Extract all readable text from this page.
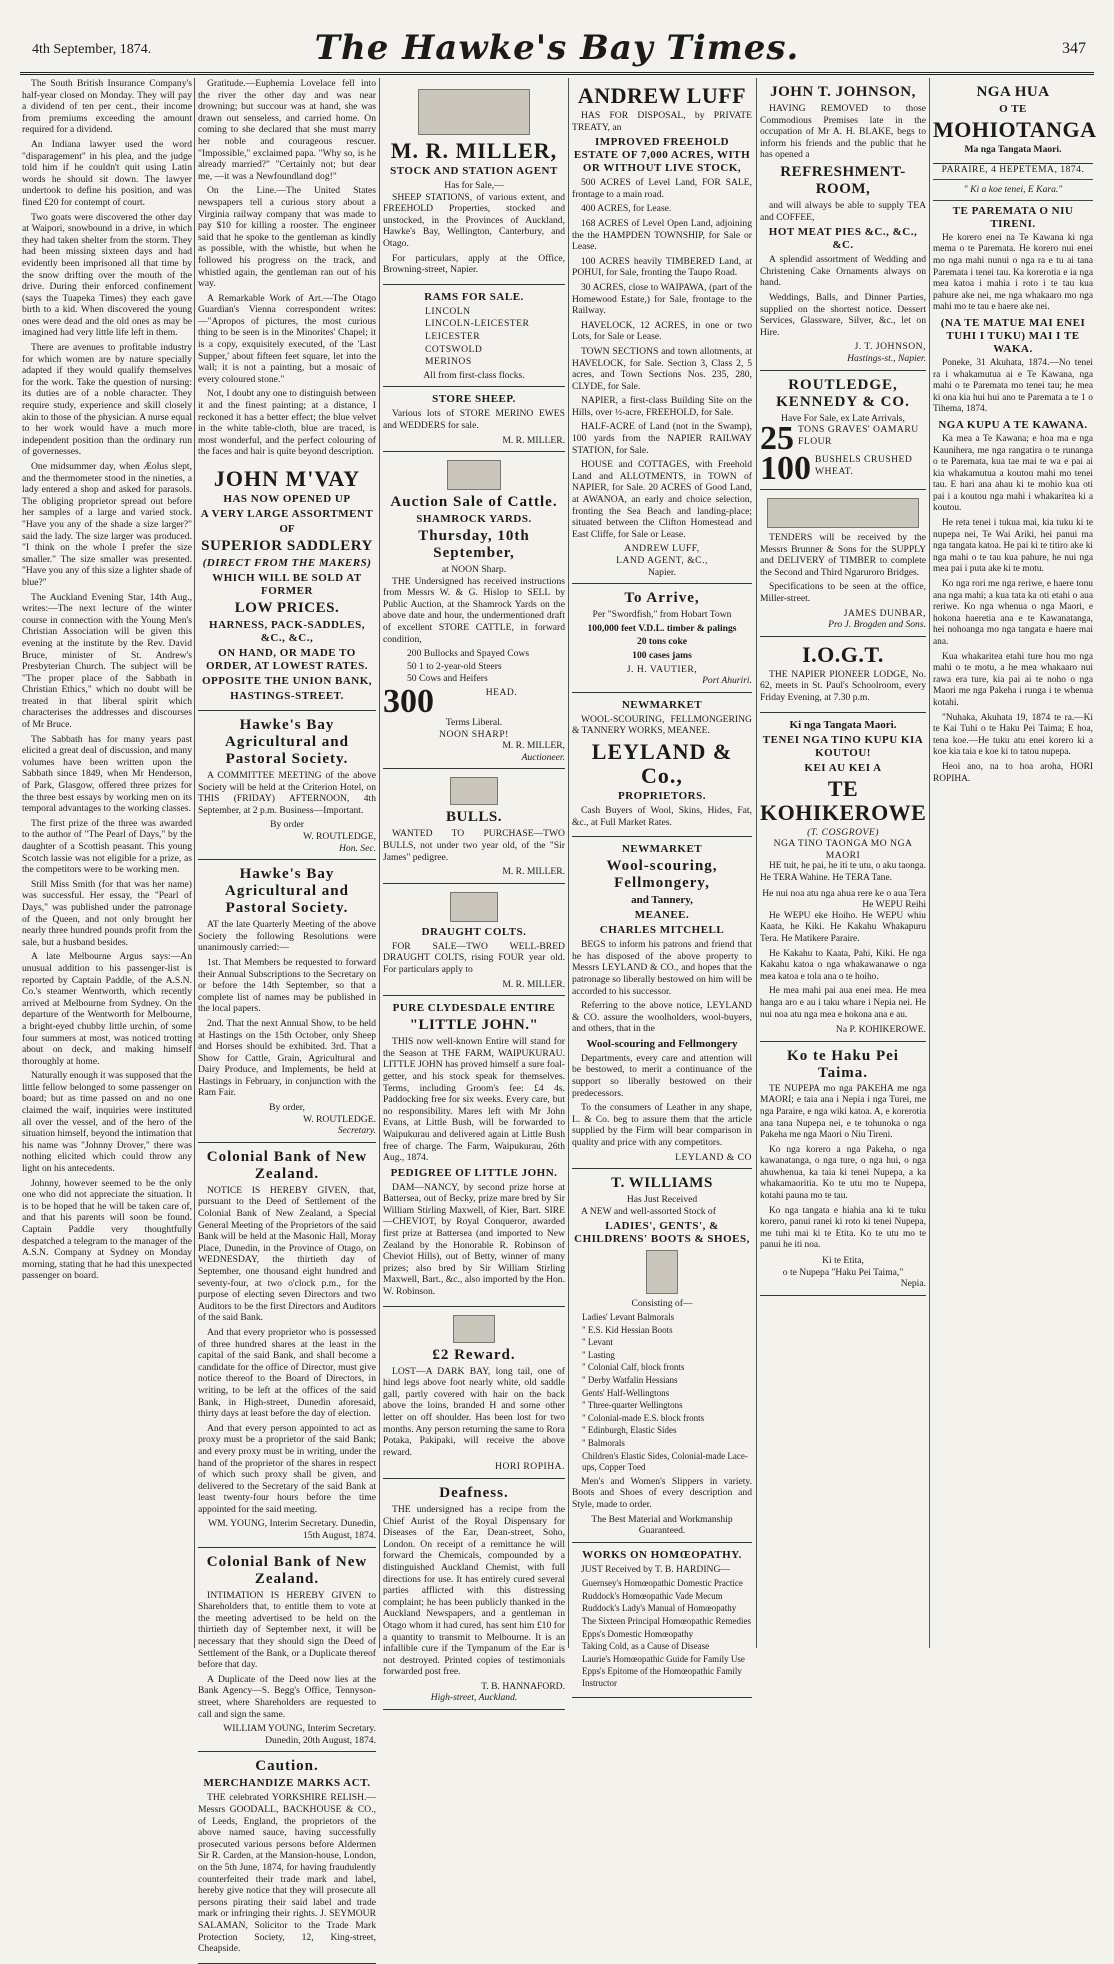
4th September, 1874.	The Hawke's Bay Times.	347

The South British Insurance Company's half-year closed on Monday. They will pay a dividend of ten per cent., their income from premiums exceeding the amount required for a dividend.

An Indiana lawyer used the word "disparagement" in his plea, and the judge told him if he couldn't quit using Latin words he should sit down. The lawyer undertook to define his position, and was fined £20 for contempt of court.

Two goats were discovered the other day at Waipori, snowbound in a drive, in which they had taken shelter from the storm. They had been missing sixteen days and had evidently been imprisoned all that time by the snow drifting over the mouth of the drive. During their enforced confinement (says the Tuapeka Times) they each gave birth to a kid. When discovered the young ones were dead and the old ones as may be imagined had very little life left in them.

There are avenues to profitable industry for which women are by nature specially adapted if they would qualify themselves for the work. Take the question of nursing: its duties are of a noble character. They require study, experience and skill closely akin to those of the physician. A nurse equal to her work would have a much more independent position than the ordinary run of governesses.

One midsummer day, when Æolus slept, and the thermometer stood in the nineties, a lady entered a shop and asked for parasols. The obliging proprietor spread out before her samples of a large and varied stock. "Have you any of the shade a size larger?" said the lady. The size larger was produced. "I think on the whole I prefer the size smaller." The size smaller was presented. "Have you any of this size a lighter shade of blue?"

The Auckland Evening Star, 14th Aug., writes:—The next lecture of the winter course in connection with the Young Men's Christian Association will be given this evening at the institute by the Rev. David Bruce, minister of St. Andrew's Presbyterian Church. The subject will be "The proper place of the Sabbath in Christian Ethics," which no doubt will be treated in that liberal spirit which characterises the addresses and discourses of Mr Bruce.

The Sabbath has for many years past elicited a great deal of discussion, and many volumes have been written upon the Sabbath since 1849, when Mr Henderson, of Park, Glasgow, offered three prizes for the three best essays by working men on its temporal advantages to the working classes.

The first prize of the three was awarded to the author of "The Pearl of Days," by the daughter of a Scottish peasant. This young Scotch lassie was not eligible for a prize, as the competitors were to be working men.

Still Miss Smith (for that was her name) was successful. Her essay, the "Pearl of Days," was published under the patronage of the Queen, and not only brought her nearly three hundred pounds profit from the sale, but a husband besides.

A late Melbourne Argus says:—An unusual addition to his passenger-list is reported by Captain Paddle, of the A.S.N. Co.'s steamer Wentworth, which recently arrived at Melbourne from Sydney. On the departure of the Wentworth for Melbourne, a bright-eyed chubby little urchin, of some four summers at most, was noticed trotting about on deck, and making himself thoroughly at home.

Naturally enough it was supposed that the little fellow belonged to some passenger on board; but as time passed on and no one claimed the waif, inquiries were instituted all over the vessel, and of the hero of the situation himself, beyond the intimation that his name was "Johnny Drover," there was nothing elicited which could throw any light on his antecedents.

Johnny, however seemed to be the only one who did not appreciate the situation. It is to be hoped that he will be taken care of, and that his parents will soon be found. Captain Paddle very thoughtfully despatched a telegram to the manager of the A.S.N. Company at Sydney on Monday morning, stating that he had this unexpected passenger on board.

Gratitude.—Euphemia Lovelace fell into the river the other day and was near drowning; but succour was at hand, she was drawn out senseless, and carried home. On coming to she declared that she must marry her noble and courageous rescuer. "Impossible," exclaimed papa. "Why so, is he already married?" "Certainly not; but dear me, —it was a Newfoundland dog!"

On the Line.—The United States newspapers tell a curious story about a Virginia railway company that was made to pay $10 for killing a rooster. The engineer said that he spoke to the gentleman as kindly as possible, with the whistle, but when he followed his progress on the track, and whistled again, the gentleman ran out of his way.

A Remarkable Work of Art.—The Otago Guardian's Vienna correspondent writes:—"Apropos of pictures, the most curious thing to be seen is in the Minorites' Chapel; it is a copy, exquisitely executed, of the 'Last Supper,' about fifteen feet square, let into the wall; it is not a painting, but a mosaic of every coloured stone."

Not, I doubt any one to distinguish between it and the finest painting; at a distance, I reckoned it has a better effect; the blue velvet in the white table-cloth, blue are traced, is most wonderful, and the perfect colouring of the faces and hair is quite beyond description.

JOHN M'VAY
HAS NOW OPENED UP
A VERY LARGE ASSORTMENT
OF
SUPERIOR SADDLERY
(DIRECT FROM THE MAKERS)
WHICH WILL BE SOLD AT FORMER
LOW PRICES.
HARNESS, PACK-SADDLES, &C., &C.,
ON HAND, OR MADE TO ORDER, AT LOWEST RATES.
OPPOSITE THE UNION BANK,
HASTINGS-STREET.
Hawke's Bay Agricultural and Pastoral Society.

A COMMITTEE MEETING of the above Society will be held at the Criterion Hotel, on THIS (FRIDAY) AFTERNOON, 4th September, at 2 p.m. Business—Important.

By order
W. ROUTLEDGE,
Hon. Sec.
Hawke's Bay Agricultural and Pastoral Society.

AT the late Quarterly Meeting of the above Society the following Resolutions were unanimously carried:—

1st. That Members be requested to forward their Annual Subscriptions to the Secretary on or before the 14th September, so that a complete list of names may be published in the local papers.

2nd. That the next Annual Show, to be held at Hastings on the 15th October, only Sheep and Horses should be exhibited. 3rd. That a Show for Cattle, Grain, Agricultural and Dairy Produce, and Implements, be held at Hastings in February, in conjunction with the Ram Fair.

By order,
W. ROUTLEDGE.
Secretary.
Colonial Bank of New Zealand.

NOTICE IS HEREBY GIVEN, that, pursuant to the Deed of Settlement of the Colonial Bank of New Zealand, a Special General Meeting of the Proprietors of the said Bank will be held at the Masonic Hall, Moray Place, Dunedin, in the Province of Otago, on WEDNESDAY, the thirtieth day of September, one thousand eight hundred and seventy-four, at two o'clock p.m., for the purpose of electing seven Directors and two Auditors to be the first Directors and Auditors of the said Bank.

And that every proprietor who is possessed of three hundred shares at the least in the capital of the said Bank, and shall become a candidate for the office of Director, must give notice thereof to the Board of Directors, in writing, to be left at the offices of the said Bank, in High-street, Dunedin aforesaid, thirty days at least before the day of election.

And that every person appointed to act as proxy must be a proprietor of the said Bank; and every proxy must be in writing, under the hand of the proprietor of the shares in respect of which such proxy shall be given, and delivered to the Secretary of the said Bank at least twenty-four hours before the time appointed for the said meeting.

WM. YOUNG, Interim Secretary. Dunedin, 15th August, 1874.
Colonial Bank of New Zealand.

INTIMATION IS HEREBY GIVEN to Shareholders that, to entitle them to vote at the meeting advertised to be held on the thirtieth day of September next, it will be necessary that they should sign the Deed of Settlement of the Bank, or a Duplicate thereof before that day.

A Duplicate of the Deed now lies at the Bank Agency—S. Begg's Office, Tennyson-street, where Shareholders are requested to call and sign the same.

WILLIAM YOUNG, Interim Secretary. Dunedin, 20th August, 1874.
Caution.
MERCHANDIZE MARKS ACT.

THE celebrated YORKSHIRE RELISH.—Messrs GOODALL, BACKHOUSE & CO., of Leeds, England, the proprietors of the above named sauce, having successfully prosecuted various persons before Aldermen Sir R. Carden, at the Mansion-house, London, on the 5th June, 1874, for having fraudulently counterfeited their trade mark and label, hereby give notice that they will prosecute all persons pirating their said label and trade mark or infringing their rights. J. SEYMOUR SALAMAN, Solicitor to the Trade Mark Protection Society, 12, King-street, Cheapside.

M. R. MILLER,
STOCK AND STATION AGENT
Has for Sale,—

SHEEP STATIONS, of various extent, and FREEHOLD Properties, stocked and unstocked, in the Provinces of Auckland, Hawke's Bay, Wellington, Canterbury, and Otago.

For particulars, apply at the Office, Browning-street, Napier.

RAMS FOR SALE.
LINCOLN
LINCOLN-LEICESTER
LEICESTER
COTSWOLD
MERINOS
All from first-class flocks.
STORE SHEEP.

Various lots of STORE MERINO EWES and WEDDERS for sale.

M. R. MILLER.
Auction Sale of Cattle.
SHAMROCK YARDS.
Thursday, 10th September,
at NOON Sharp.

THE Undersigned has received instructions from Messrs W. & G. Hislop to SELL by Public Auction, at the Shamrock Yards on the above date and hour, the undermentioned draft of excellent STORE CATTLE, in forward condition,

200 Bullocks and Spayed Cows
50 1 to 2-year-old Steers
50 Cows and Heifers
300	HEAD.
Terms Liberal.
NOON SHARP!
M. R. MILLER,
Auctioneer.
BULLS.

WANTED TO PURCHASE—TWO BULLS, not under two year old, of the "Sir James" pedigree.

M. R. MILLER.
DRAUGHT COLTS.

FOR SALE—TWO WELL-BRED DRAUGHT COLTS, rising FOUR year old. For particulars apply to

M. R. MILLER.
PURE CLYDESDALE ENTIRE
"LITTLE JOHN."

THIS now well-known Entire will stand for the Season at THE FARM, WAIPUKURAU. LITTLE JOHN has proved himself a sure foal-getter, and his stock speak for themselves. Terms, including Groom's fee: £4 4s. Paddocking free for six weeks. Every care, but no responsibility. Mares left with Mr John Evans, at Little Bush, will be forwarded to Waipukurau and delivered again at Little Bush free of charge. The Farm, Waipukurau, 26th Aug., 1874.

PEDIGREE OF LITTLE JOHN.

DAM—NANCY, by second prize horse at Battersea, out of Becky, prize mare bred by Sir William Stirling Maxwell, of Kier, Bart. SIRE—CHEVIOT, by Royal Conqueror, awarded first prize at Battersea (and imported to New Zealand by the Honorable R. Robinson of Cheviot Hills), out of Betty, winner of many prizes; also bred by Sir William Stirling Maxwell, Bart., &c., also imported by the Hon. W. Robinson.

£2 Reward.

LOST—A DARK BAY, long tail, one of hind legs above foot nearly white, old saddle gall, partly covered with hair on the back above the loins, branded H and some other letter on off shoulder. Has been lost for two months. Any person returning the same to Rora Potaka, Pakipaki, will receive the above reward.

HORI ROPIHA.
Deafness.

THE undersigned has a recipe from the Chief Aurist of the Royal Dispensary for Diseases of the Ear, Dean-street, Soho, London. On receipt of a remittance he will forward the Chemicals, compounded by a distinguished Auckland Chemist, with full directions for use. It has entirely cured several parties afflicted with this distressing complaint; he has been publicly thanked in the Auckland Newspapers, and a gentleman in Otago whom it had cured, has sent him £10 for a quantity to transmit to Melbourne. It is an infallible cure if the Tympanum of the Ear is not destroyed. Printed copies of testimonials forwarded post free.

T. B. HANNAFORD.
High-street, Auckland.
ANDREW LUFF

HAS FOR DISPOSAL, by PRIVATE TREATY, an

IMPROVED FREEHOLD ESTATE OF 7,000 ACRES, WITH OR WITHOUT LIVE STOCK,

500 ACRES of Level Land, FOR SALE, frontage to a main road.

400 ACRES, for Lease.

168 ACRES of Level Open Land, adjoining the the HAMPDEN TOWNSHIP, for Sale or Lease.

100 ACRES heavily TIMBERED Land, at POHUI, for Sale, fronting the Taupo Road.

30 ACRES, close to WAIPAWA, (part of the Homewood Estate,) for Sale, frontage to the Railway.

HAVELOCK, 12 ACRES, in one or two Lots, for Sale or Lease.

TOWN SECTIONS and town allotments, at HAVELOCK, for Sale. Section 3, Class 2, 5 acres, and Town Sections Nos. 235, 280, CLYDE, for Sale.

NAPIER, a first-class Building Site on the Hills, over ½-acre, FREEHOLD, for Sale.

HALF-ACRE of Land (not in the Swamp), 100 yards from the NAPIER RAILWAY STATION, for Sale.

HOUSE and COTTAGES, with Freehold Land and ALLOTMENTS, in TOWN of NAPIER, for Sale. 20 ACRES of Good Land, at AWANOA, an early and choice selection, fronting the Sea Beach and landing-place; situated between the Clifton Homestead and East Cliffe, for Sale or Lease.

ANDREW LUFF,
LAND AGENT, &C.,
Napier.
To Arrive,
Per "Swordfish," from Hobart Town
100,000 feet V.D.L. timber & palings
20 tons coke
100 cases jams
J. H. VAUTIER,
Port Ahuriri.
NEWMARKET

WOOL-SCOURING, FELLMONGERING & TANNERY WORKS, MEANEE.

LEYLAND & Co.,
PROPRIETORS.

Cash Buyers of Wool, Skins, Hides, Fat, &c., at Full Market Rates.

NEWMARKET
Wool-scouring, Fellmongery,
and Tannery,
MEANEE.
CHARLES MITCHELL

BEGS to inform his patrons and friend that he has disposed of the above property to Messrs LEYLAND & CO., and hopes that the patronage so liberally bestowed on him will be accorded to his successor.

Referring to the above notice, LEYLAND & CO. assure the woolholders, wool-buyers, and others, that in the

Wool-scouring and Fellmongery

Departments, every care and attention will be bestowed, to merit a continuance of the support so liberally bestowed on their predecessors.

To the consumers of Leather in any shape, L. & Co. beg to assure them that the article supplied by the Firm will bear comparison in quality and price with any competitors.

LEYLAND & CO
T. WILLIAMS
Has Just Received

A NEW and well-assorted Stock of

LADIES', GENTS', & CHILDRENS' BOOTS & SHOES,
Consisting of—
Ladies' Levant Balmorals
" E.S. Kid Hessian Boots
" Levant
" Lasting
" Colonial Calf, block fronts
" Derby Watfalin Hessians
Gents' Half-Wellingtons
" Three-quarter Wellingtons
" Colonial-made E.S. block fronts
" Edinburgh, Elastic Sides
" Balmorals
Children's Elastic Sides, Colonial-made Lace-ups, Copper Toed

Men's and Women's Slippers in variety. Boots and Shoes of every description and Style, made to order.

The Best Material and Workmanship Guaranteed.
WORKS ON HOMŒOPATHY.

JUST Received by T. B. HARDING—

Guernsey's Homœopathic Domestic Practice
Ruddock's Homœopathic Vade Mecum
Ruddock's Lady's Manual of Homœopathy
The Sixteen Principal Homœopathic Remedies
Epps's Domestic Homœopathy
Taking Cold, as a Cause of Disease
Laurie's Homœopathic Guide for Family Use
Epps's Epitome of the Homœopathic Family Instructor
JOHN T. JOHNSON,

HAVING REMOVED to those Commodious Premises late in the occupation of Mr A. H. BLAKE, begs to inform his friends and the public that he has opened a

REFRESHMENT-ROOM,

and will always be able to supply TEA and COFFEE,

HOT MEAT PIES &C., &C., &C.

A splendid assortment of Wedding and Christening Cake Ornaments always on hand.

Weddings, Balls, and Dinner Parties, supplied on the shortest notice. Dessert Services, Glassware, Silver, &c., let on Hire.

J. T. JOHNSON,
Hastings-st., Napier.
ROUTLEDGE, KENNEDY & CO.
Have For Sale, ex Late Arrivals,
25 TONS GRAVES' OAMARU FLOUR
100 BUSHELS CRUSHED WHEAT.

TENDERS will be received by the Messrs Brunner & Sons for the SUPPLY and DELIVERY of TIMBER to complete the Second and Third Ngaruroro Bridges.

Specifications to be seen at the office, Miller-street.

JAMES DUNBAR,
Pro J. Brogden and Sons.
I.O.G.T.

THE NAPIER PIONEER LODGE, No. 62, meets in St. Paul's Schoolroom, every Friday Evening, at 7.30 p.m.

Ki nga Tangata Maori.
TENEI NGA TINO KUPU KIA KOUTOU!
KEI AU KEI A
TE KOHIKEROWE
(T. COSGROVE)
NGA TINO TAONGA MO NGA MAORI

HE tuit, he pai, he iti te utu, o aku taonga. He TERA Wahine. He TERA Tane.

He nui noa atu nga ahua rere ke o aua Tera
He WEPU Reihi

He WEPU eke Hoiho. He WEPU whiu Kaata, he Kiki. He Kakahu Whakapuru Tera. He Matikere Paraire.

He Kakahu to Kaata, Pahi, Kiki. He nga Kakahu katoa o nga whakawanawe o nga mea katoa e tola ana o te hoiho.

He mea mahi pai aua enei mea. He mea hanga aro e au i taku whare i Nepia nei. He nui noa atu nga mea e hokona ana e au.

Na P. KOHIKEROWE.
Ko te Haku Pei Taima.

TE NUPEPA mo nga PAKEHA me nga MAORI; e taia ana i Nepia i nga Turei, me nga Paraire, e nga wiki katoa. A, e korerotia ana tana Nupepa nei, e te tohunoka o nga Pakeha me nga Maori o Niu Tireni.

Ko nga korero a nga Pakeha, o nga kawanatanga, o nga ture, o nga hui, o nga ahuwhenua, ka taia ki tenei Nupepa, a ka whakamaoritia. Ko te utu mo te Nupepa, kotahi pauna mo te tau.

Ko nga tangata e hiahia ana ki te tuku korero, panui ranei ki roto ki tenei Nupepa, me tuhi mai ki te Etita. Ko te utu mo te panui he iti noa.

Ki te Etita,
o te Nupepa "Haku Pei Taima,"
Nepia.
NGA HUA
O TE
MOHIOTANGA
Ma nga Tangata Maori.
PARAIRE, 4 HEPETEMA, 1874.
" Ki a koe tenei, E Kara."
TE PAREMATA O NIU TIRENI.

He korero enei na Te Kawana ki nga mema o te Paremata. He korero nui enei mo nga mahi nunui o nga ra e tu ai tana Paremata i tenei tau. Ka korerotia e ia nga mea katoa i mahia i roto i te tau kua pahure ake nei, me nga whakaaro mo nga mahi mo te tau e haere ake nei.

(NA TE MATUE MAI ENEI TUHI I TUKU) MAI I TE WAKA.

Poneke, 31 Akuhata, 1874.—No tenei ra i whakamutua ai e Te Kawana, nga mahi o te Paremata mo tenei tau; he mea ki ona kia hui hui ano te Paremata a te 1 o Tihema, 1874.

NGA KUPU A TE KAWANA.

Ka mea a Te Kawana; e hoa ma e nga Kaunihera, me nga rangatira o te runanga o te Paremata, kua tae mai te wa e pai ai kia whakamutua a koutou mahi mo tenei tau. E hari ana ahau ki te mohio kua oti pai i a koutou nga mahi i whakaritea ki a koutou.

He reta tenei i tukua mai, kia tuku ki te nupepa nei, Te Wai Ariki, hei panui ma nga tangata katoa. He pai ki te titiro ake ki nga mahi o te tau kua pahure, he nui nga mea pai i puta ake ki te motu.

Ko nga rori me nga reriwe, e haere tonu ana nga mahi; a kua tata ka oti etahi o aua reriwe. Ko nga whenua o nga Maori, e hokona haeretia ana e te Kawanatanga, hei nohoanga mo nga tangata e haere mai ana.

Kua whakaritea etahi ture hou mo nga mahi o te motu, a he mea whakaaro nui rawa era ture, kia pai ai te noho o nga Maori me nga Pakeha i runga i te whenua kotahi.

"Nuhaka, Akuhata 19, 1874 te ra.—Ki te Kai Tuhi o te Haku Pei Taima; E hoa, tena koe.—He tuku atu enei korero ki a koe kia taia e koe ki to tatou nupepa.

Heoi ano, na to hoa aroha, HORI ROPIHA.
